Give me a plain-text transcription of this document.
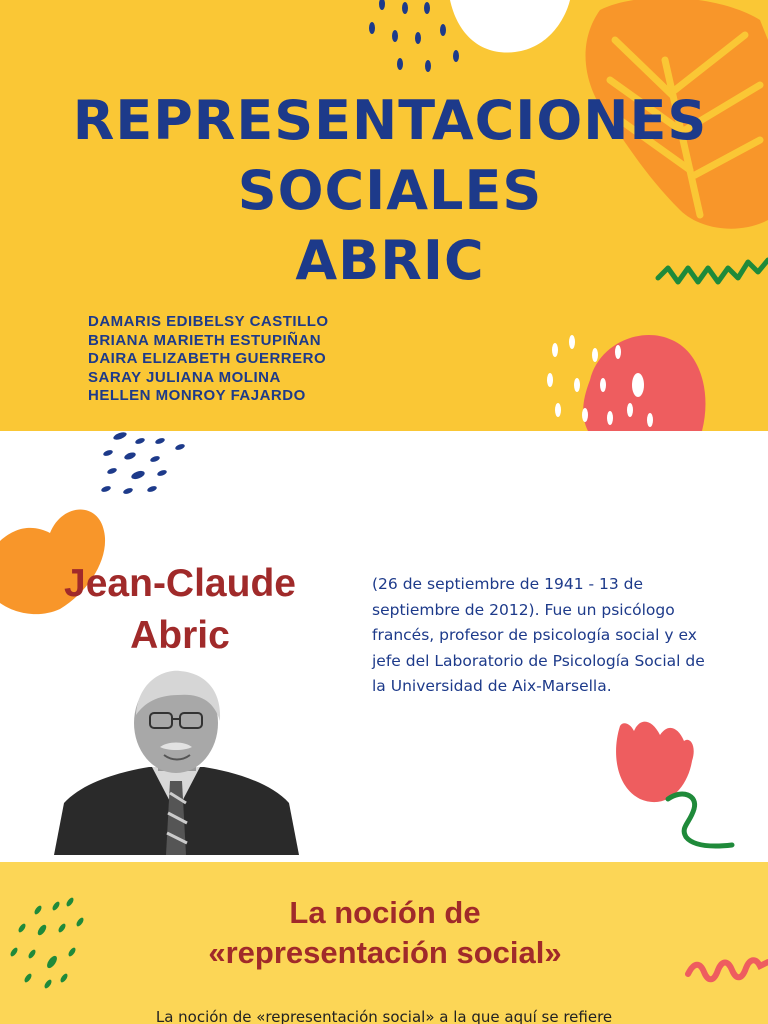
REPRESENTACIONES
SOCIALES
ABRIC
DAMARIS EDIBELSY CASTILLO
BRIANA MARIETH ESTUPIÑAN
DAIRA ELIZABETH GUERRERO
SARAY JULIANA MOLINA
HELLEN MONROY FAJARDO
Jean-Claude
Abric
(26 de septiembre de 1941 - 13 de septiembre de 2012). Fue un psicólogo francés, profesor de psicología social y ex jefe del Laboratorio de Psicología Social de la Universidad de Aix-Marsella.
La noción de
«representación social»
La noción de «representación social» a la que aquí se refiere
